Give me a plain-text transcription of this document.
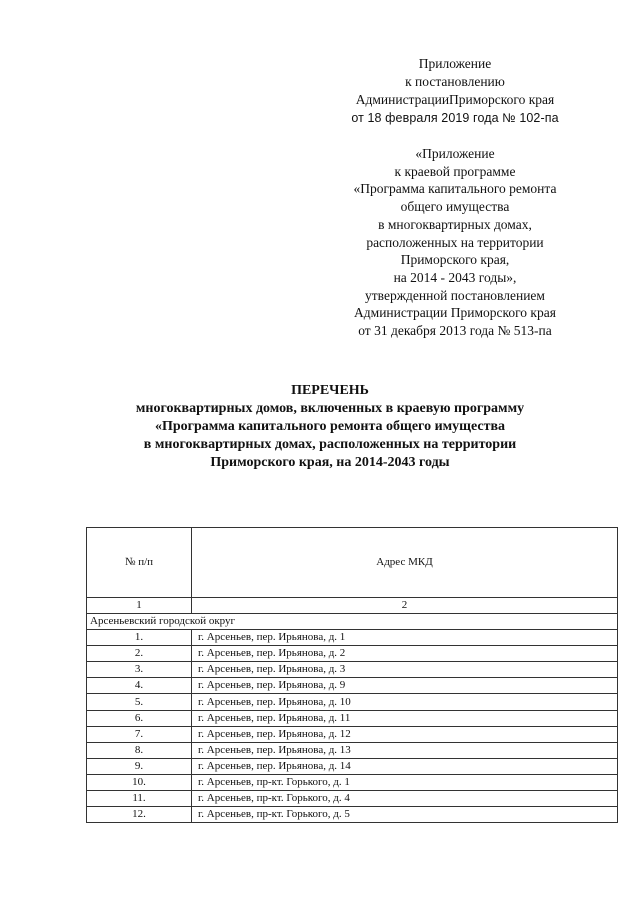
Приложение
к постановлению
АдминистрацииПриморского края
от 18 февраля 2019 года № 102-па
«Приложение
к краевой программе
«Программа капитального ремонта
общего имущества
в многоквартирных домах,
расположенных на территории
Приморского края,
на 2014 - 2043 годы»,
утвержденной постановлением
Администрации Приморского края
от 31 декабря 2013 года № 513-па
ПЕРЕЧЕНЬ
многоквартирных домов, включенных в краевую программу
«Программа капитального ремонта общего имущества
в многоквартирных домах, расположенных на территории
Приморского края, на 2014-2043 годы
№ п/п	Адрес МКД
1	2
Арсеньевский городской округ	
1.	г. Арсеньев, пер. Ирьянова, д. 1
2.	г. Арсеньев, пер. Ирьянова, д. 2
3.	г. Арсеньев, пер. Ирьянова, д. 3
4.	г. Арсеньев, пер. Ирьянова, д. 9
5.	г. Арсеньев, пер. Ирьянова, д. 10
6.	г. Арсеньев, пер. Ирьянова, д. 11
7.	г. Арсеньев, пер. Ирьянова, д. 12
8.	г. Арсеньев, пер. Ирьянова, д. 13
9.	г. Арсеньев, пер. Ирьянова, д. 14
10.	г. Арсеньев, пр-кт. Горького, д. 1
11.	г. Арсеньев, пр-кт. Горького, д. 4
12.	г. Арсеньев, пр-кт. Горького, д. 5
